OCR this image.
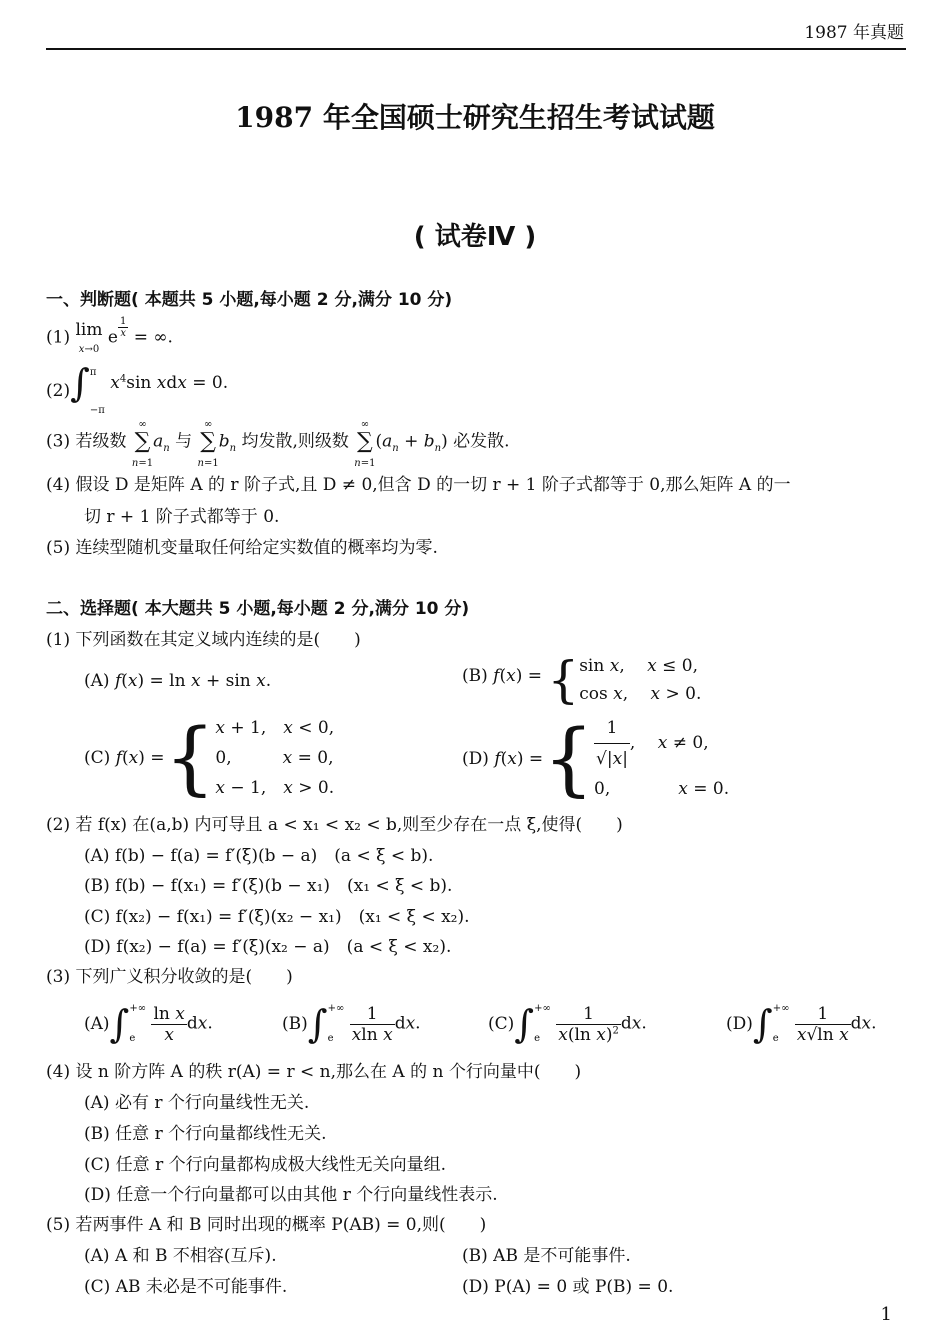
1987 年真题
1987 年全国硕士研究生招生考试试题
( 试卷Ⅳ )
一、判断题( 本题共 5 小题,每小题 2 分,满分 10 分)
(1) lim
x→0 e $^{\frac{1}{x}}$ = ∞.
(2)∫π
−π $x^4\sin$ xdx = 0.
(3) 若级数 ∞
∑
$n=1a_n$ 与 ∞
∑
$n=1b_n$ 均发散,则级数 ∞
∑
$n=1(a_n + b_n)$ 必发散.
(4) 假设 D 是矩阵 A 的 r 阶子式,且 D ≠ 0,但含 D 的一切 r + 1 阶子式都等于 0,那么矩阵 A 的一
切 r + 1 阶子式都等于 0.
(5) 连续型随机变量取任何给定实数值的概率均为零.
二、选择题( 本大题共 5 小题,每小题 2 分,满分 10 分)
(1) 下列函数在其定义域内连续的是(　　)
(A) f(x) = ln x + sin x.	(B) f(x) = {sin x,　 x ≤ 0,
cos x,　 x > 0.
(C) f(x) ={x + 1,　x < 0,
0,　　　x = 0,
x − 1,　x > 0.
(D) f(x) ={ $\frac{1}{√|x|}$ ,　 x ≠ 0,
0,　　　　x = 0.
(2) 若 f(x) 在(a,b) 内可导且 a < x₁ < x₂ < b,则至少存在一点 ξ,使得(　　)
(A) f(b) − f(a) = f′(ξ)(b − a)　(a < ξ < b).
(B) f(b) − f(x₁) = f′(ξ)(b − x₁)　(x₁ < ξ < b).
(C) f(x₂) − f(x₁) = f′(ξ)(x₂ − x₁)　(x₁ < ξ < x₂).
(D) f(x₂) − f(a) = f′(ξ)(x₂ − a)　(a < ξ < x₂).
(3) 下列广义积分收敛的是(　　)
(A)∫+∞
e $\frac{\text{ln x}}{x}$ dx.	(B)∫+∞
e $\frac{1}{\text{xln x}}$ dx.	(C)∫+∞
e $\frac{1}{x(\ln x)^2}$ dx.	(D)∫+∞
e $\frac{1}{\text{x√ln x}}$ dx.
(4) 设 n 阶方阵 A 的秩 r(A) = r < n,那么在 A 的 n 个行向量中(　　)
(A) 必有 r 个行向量线性无关.
(B) 任意 r 个行向量都线性无关.
(C) 任意 r 个行向量都构成极大线性无关向量组.
(D) 任意一个行向量都可以由其他 r 个行向量线性表示.
(5) 若两事件 A 和 B 同时出现的概率 P(AB) = 0,则(　　)
(A) A 和 B 不相容(互斥).	(B) AB 是不可能事件.
(C) AB 未必是不可能事件.	(D) P(A) = 0 或 P(B) = 0.
1
